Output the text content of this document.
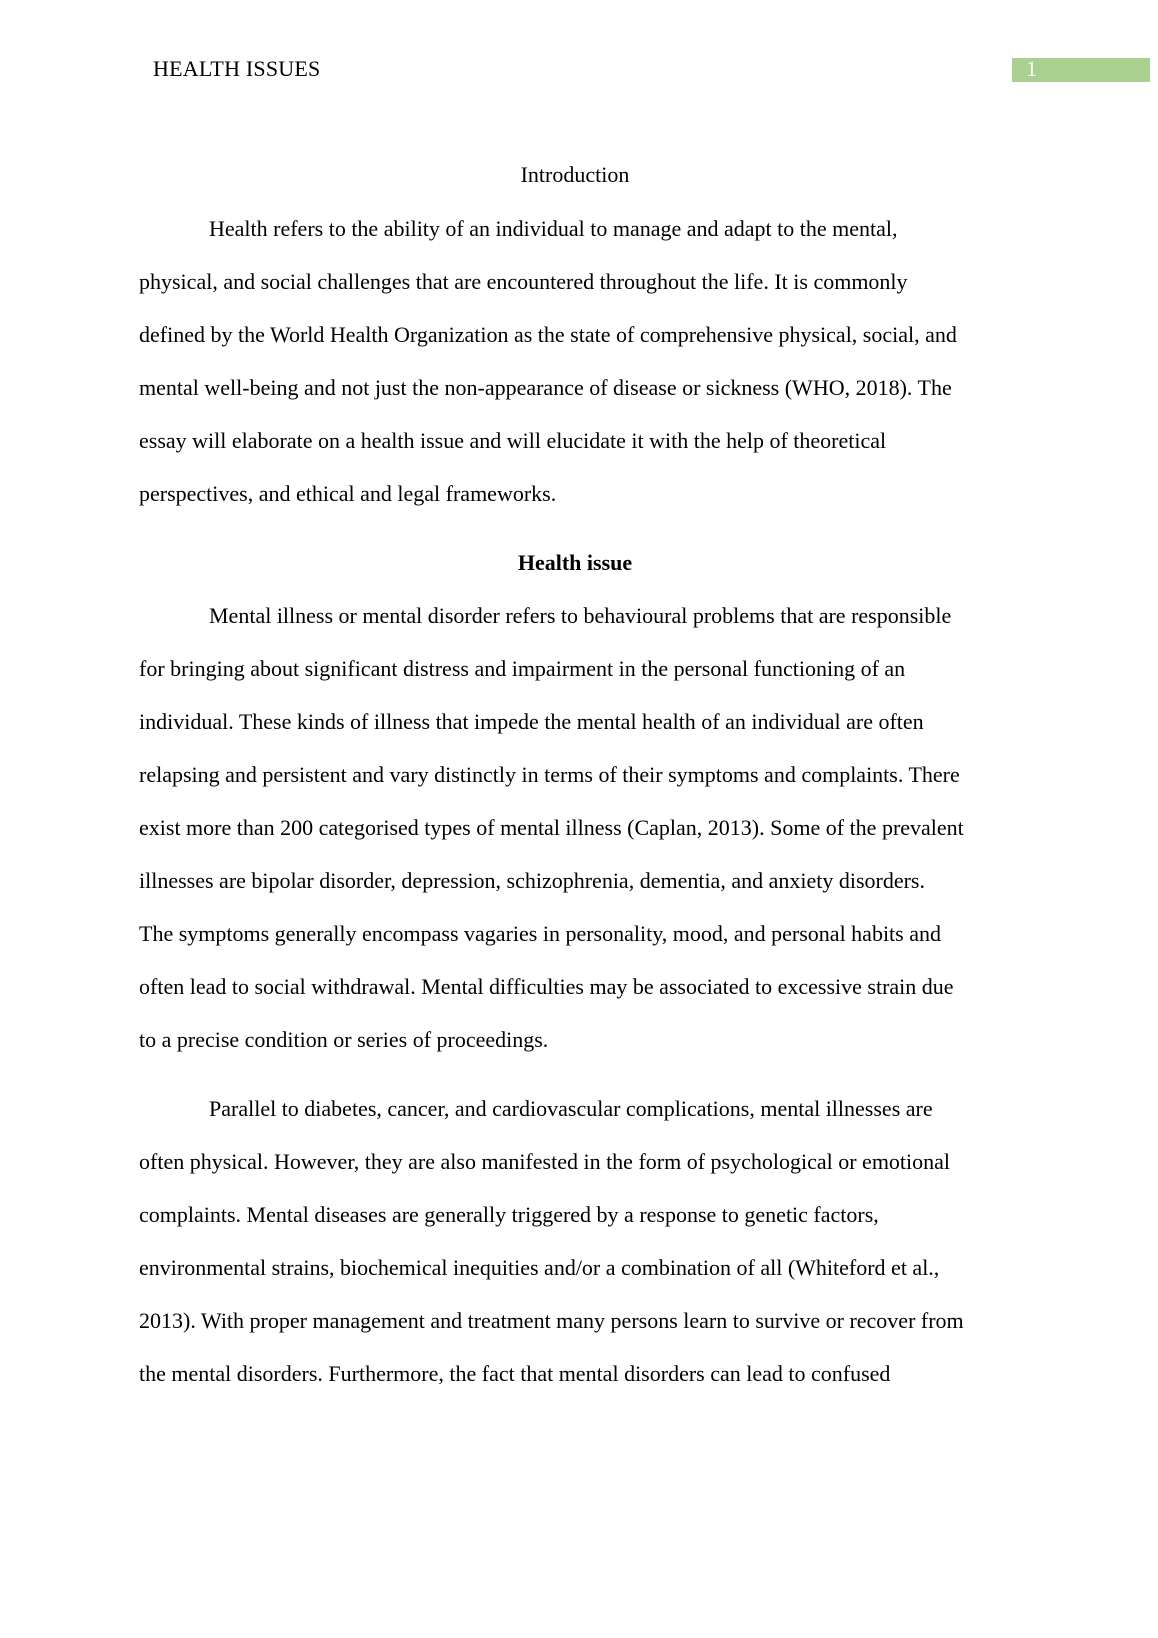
HEALTH ISSUES	1
Introduction
Health refers to the ability of an individual to manage and adapt to the mental,
physical, and social challenges that are encountered throughout the life. It is commonly
defined by the World Health Organization as the state of comprehensive physical, social, and
mental well-being and not just the non-appearance of disease or sickness (WHO, 2018). The
essay will elaborate on a health issue and will elucidate it with the help of theoretical
perspectives, and ethical and legal frameworks.
Health issue
Mental illness or mental disorder refers to behavioural problems that are responsible
for bringing about significant distress and impairment in the personal functioning of an
individual. These kinds of illness that impede the mental health of an individual are often
relapsing and persistent and vary distinctly in terms of their symptoms and complaints. There
exist more than 200 categorised types of mental illness (Caplan, 2013). Some of the prevalent
illnesses are bipolar disorder, depression, schizophrenia, dementia, and anxiety disorders.
The symptoms generally encompass vagaries in personality, mood, and personal habits and
often lead to social withdrawal. Mental difficulties may be associated to excessive strain due
to a precise condition or series of proceedings.
Parallel to diabetes, cancer, and cardiovascular complications, mental illnesses are
often physical. However, they are also manifested in the form of psychological or emotional
complaints. Mental diseases are generally triggered by a response to genetic factors,
environmental strains, biochemical inequities and/or a combination of all (Whiteford et al.,
2013). With proper management and treatment many persons learn to survive or recover from
the mental disorders. Furthermore, the fact that mental disorders can lead to confused
